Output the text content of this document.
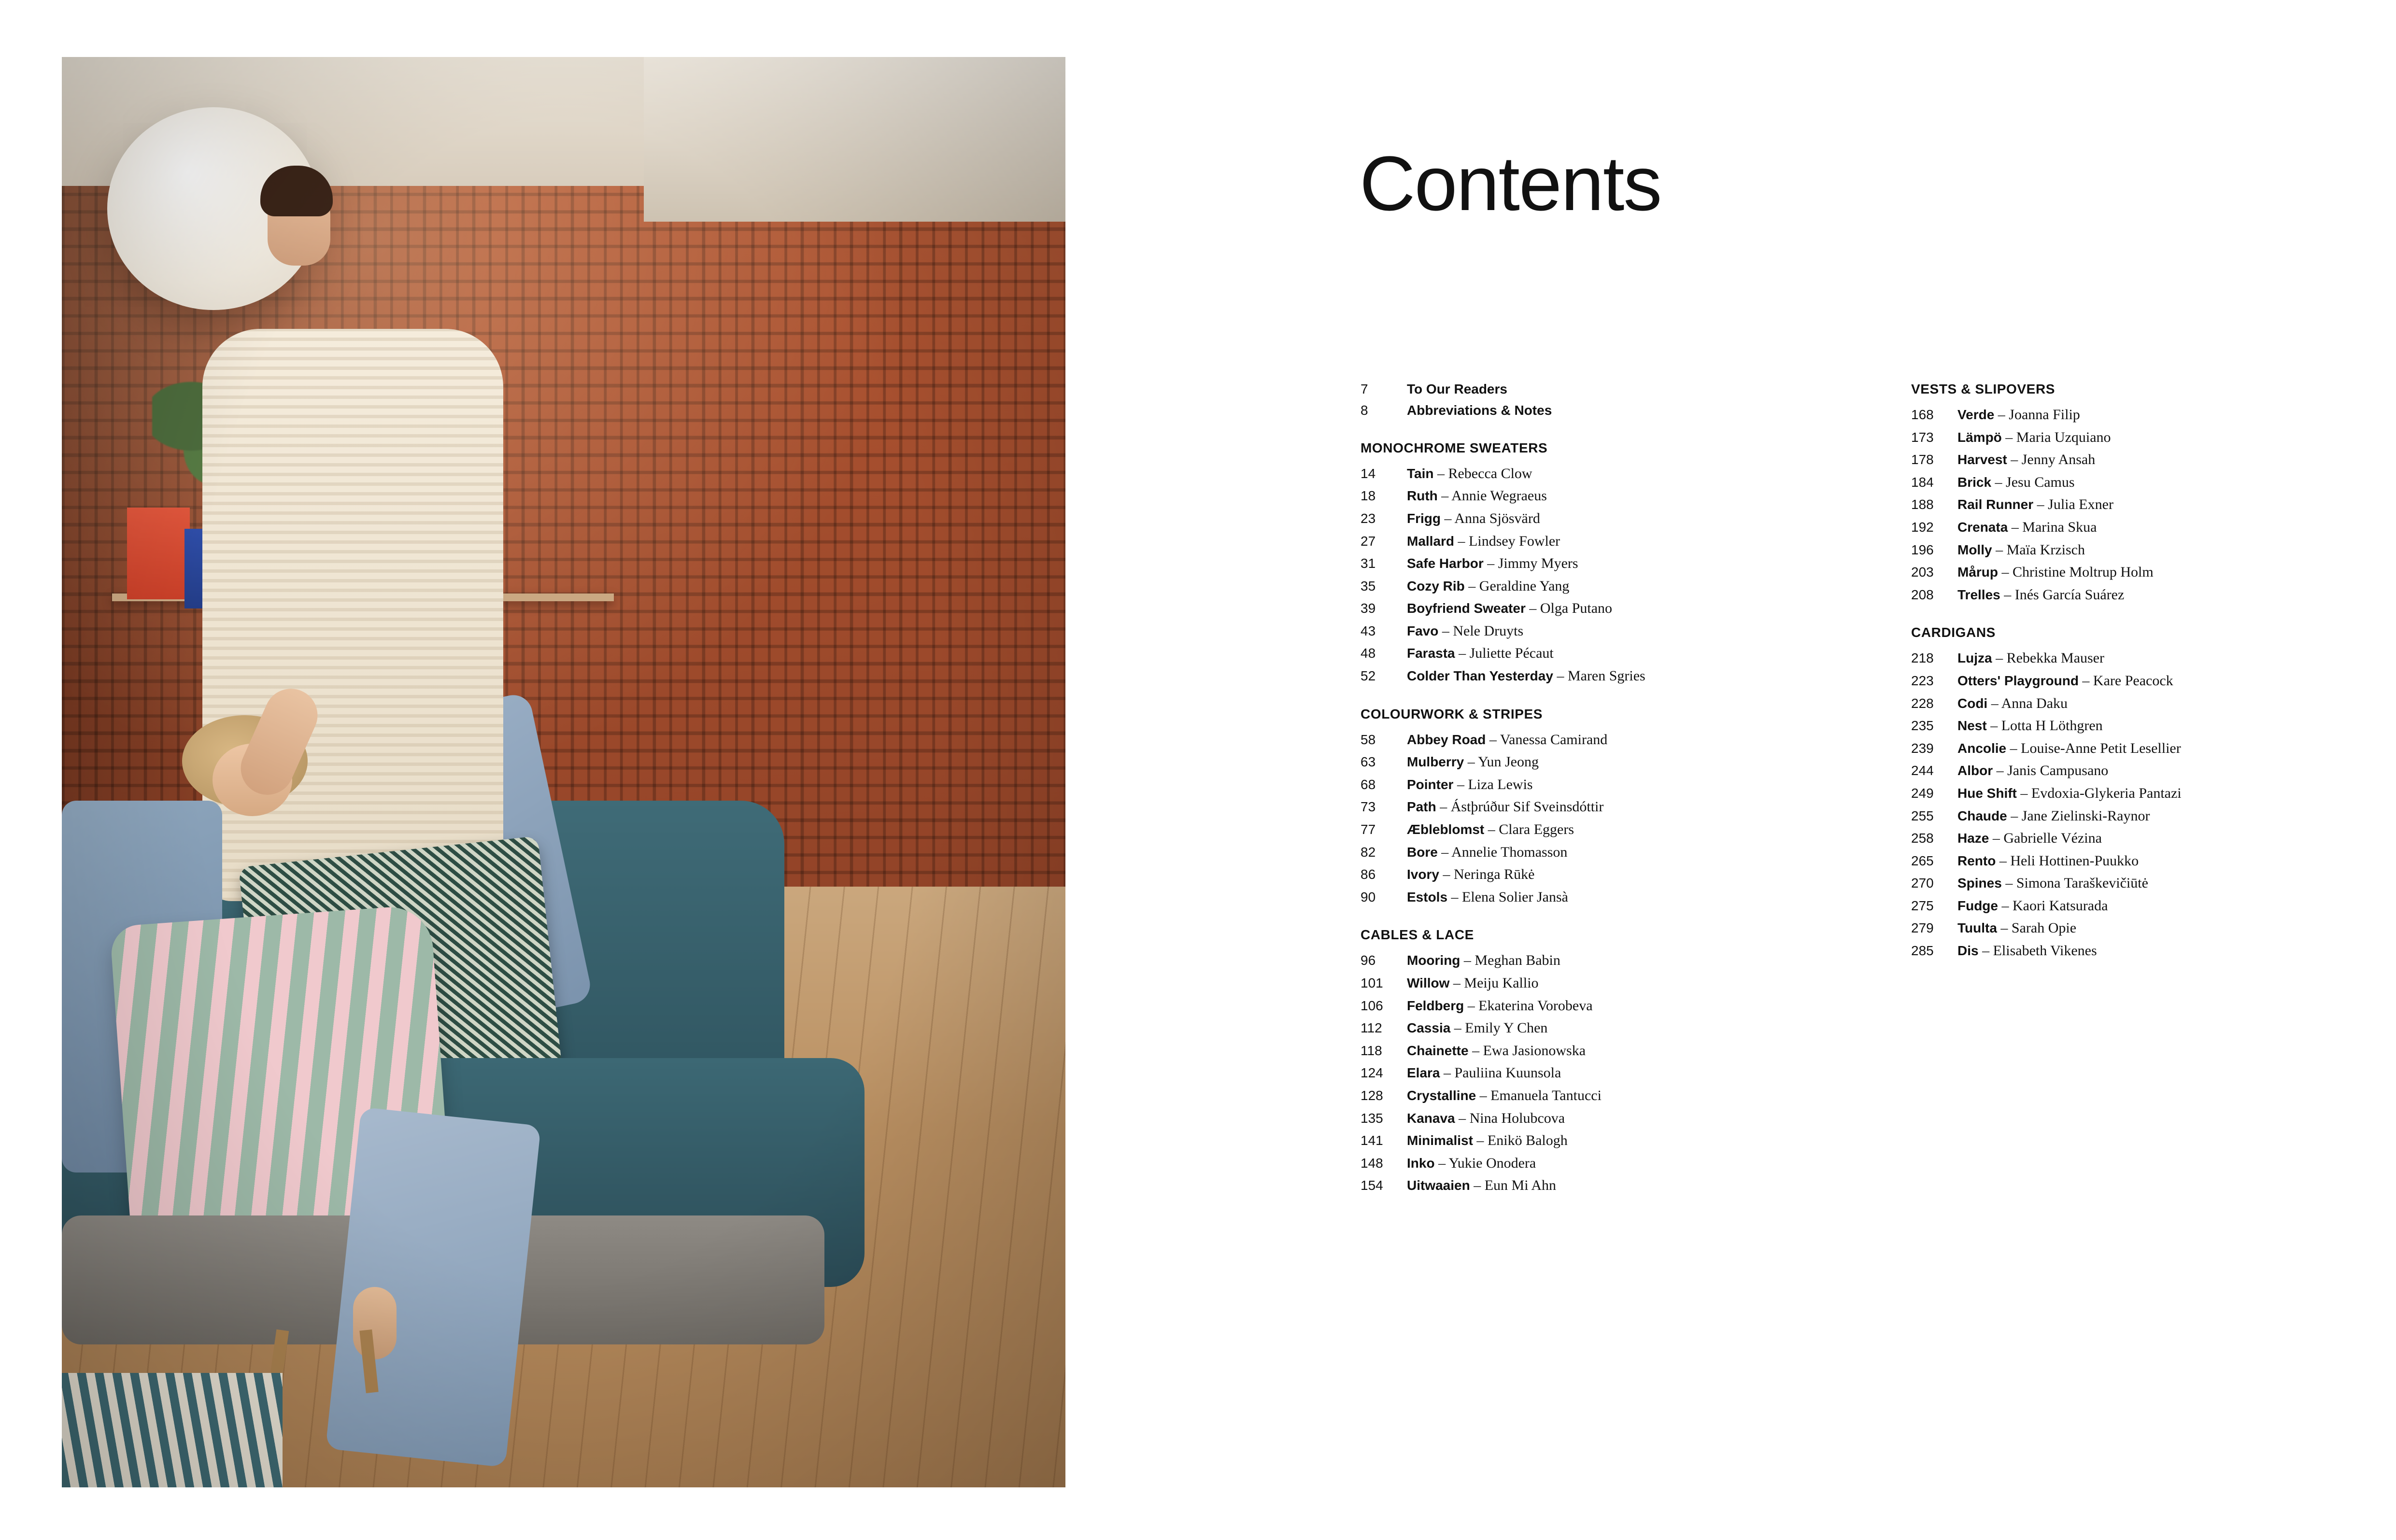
Contents
7	To Our Readers
8	Abbreviations & Notes
MONOCHROME SWEATERS
14	Tain – Rebecca Clow
18	Ruth – Annie Wegraeus
23	Frigg – Anna Sjösvärd
27	Mallard – Lindsey Fowler
31	Safe Harbor – Jimmy Myers
35	Cozy Rib – Geraldine Yang
39	Boyfriend Sweater – Olga Putano
43	Favo – Nele Druyts
48	Farasta – Juliette Pécaut
52	Colder Than Yesterday – Maren Sgries
COLOURWORK & STRIPES
58	Abbey Road – Vanessa Camirand
63	Mulberry – Yun Jeong
68	Pointer – Liza Lewis
73	Path – Ástþrúður Sif Sveinsdóttir
77	Æbleblomst – Clara Eggers
82	Bore – Annelie Thomasson
86	Ivory – Neringa Rūkė
90	Estols – Elena Solier Jansà
CABLES & LACE
96	Mooring – Meghan Babin
101	Willow – Meiju Kallio
106	Feldberg – Ekaterina Vorobeva
112	Cassia – Emily Y Chen
118	Chainette – Ewa Jasionowska
124	Elara – Pauliina Kuunsola
128	Crystalline – Emanuela Tantucci
135	Kanava – Nina Holubcova
141	Minimalist – Enikö Balogh
148	Inko – Yukie Onodera
154	Uitwaaien – Eun Mi Ahn
VESTS & SLIPOVERS
168	Verde – Joanna Filip
173	Lämpö – Maria Uzquiano
178	Harvest – Jenny Ansah
184	Brick – Jesu Camus
188	Rail Runner – Julia Exner
192	Crenata – Marina Skua
196	Molly – Maïa Krzisch
203	Mårup – Christine Moltrup Holm
208	Trelles – Inés García Suárez
CARDIGANS
218	Lujza – Rebekka Mauser
223	Otters' Playground – Kare Peacock
228	Codi – Anna Daku
235	Nest – Lotta H Löthgren
239	Ancolie – Louise-Anne Petit Lesellier
244	Albor – Janis Campusano
249	Hue Shift – Evdoxia-Glykeria Pantazi
255	Chaude – Jane Zielinski-Raynor
258	Haze – Gabrielle Vézina
265	Rento – Heli Hottinen-Puukko
270	Spines – Simona Taraškevičiūtė
275	Fudge – Kaori Katsurada
279	Tuulta – Sarah Opie
285	Dis – Elisabeth Vikenes
